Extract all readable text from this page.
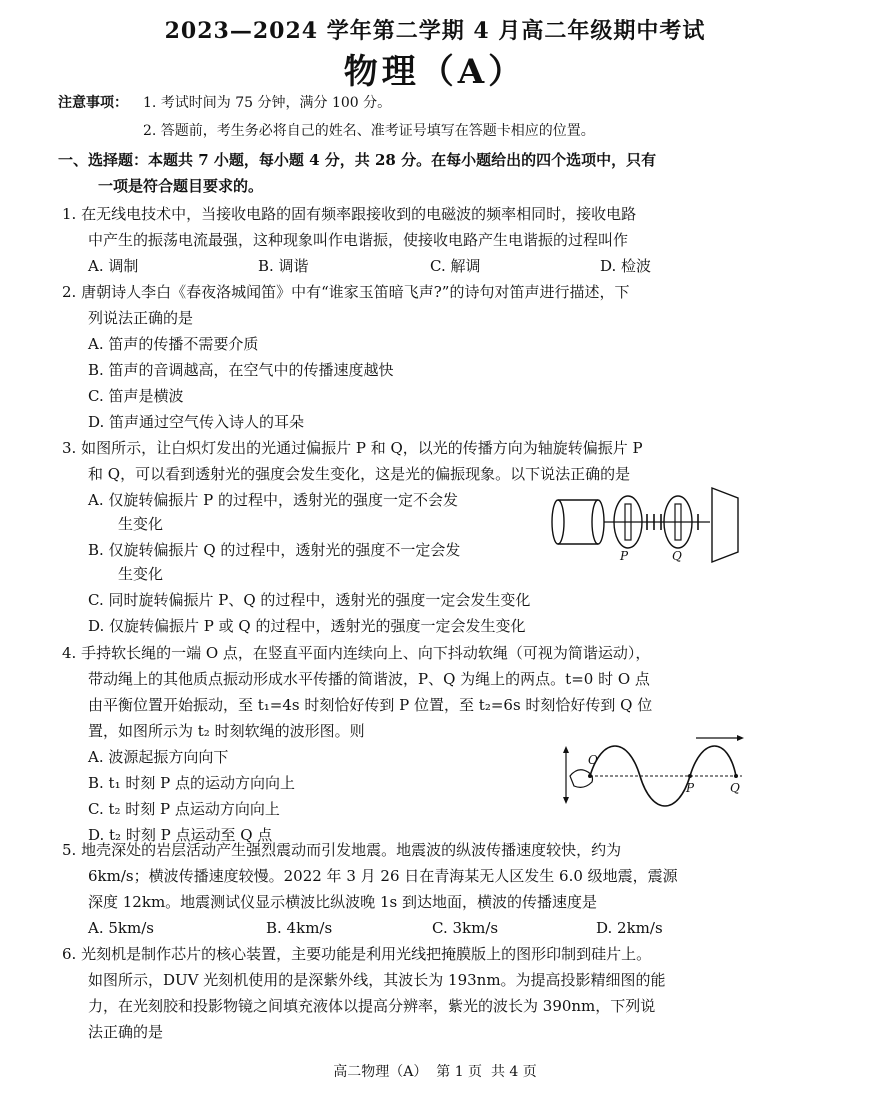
2023—2024 学年第二学期 4 月高二年级期中考试
物理（A）
注意事项： 1. 考试时间为 75 分钟，满分 100 分。
2. 答题前，考生务必将自己的姓名、准考证号填写在答题卡相应的位置。
一、选择题：本题共 7 小题，每小题 4 分，共 28 分。在每小题给出的四个选项中，只有
一项是符合题目要求的。
1. 在无线电技术中，当接收电路的固有频率跟接收到的电磁波的频率相同时，接收电路
中产生的振荡电流最强，这种现象叫作电谐振，使接收电路产生电谐振的过程叫作
A. 调制	B. 调谐	C. 解调	D. 检波
2. 唐朝诗人李白《春夜洛城闻笛》中有“谁家玉笛暗飞声?”的诗句对笛声进行描述，下
列说法正确的是
A. 笛声的传播不需要介质
B. 笛声的音调越高，在空气中的传播速度越快
C. 笛声是横波
D. 笛声通过空气传入诗人的耳朵
3. 如图所示，让白炽灯发出的光通过偏振片 P 和 Q，以光的传播方向为轴旋转偏振片 P
和 Q，可以看到透射光的强度会发生变化，这是光的偏振现象。以下说法正确的是
A. 仅旋转偏振片 P 的过程中，透射光的强度一定不会发
生变化
B. 仅旋转偏振片 Q 的过程中，透射光的强度不一定会发
生变化
C. 同时旋转偏振片 P、Q 的过程中，透射光的强度一定会发生变化
D. 仅旋转偏振片 P 或 Q 的过程中，透射光的强度一定会发生变化
P	Q
4. 手持软长绳的一端 O 点，在竖直平面内连续向上、向下抖动软绳（可视为简谐运动），
带动绳上的其他质点振动形成水平传播的简谐波，P、Q 为绳上的两点。t=0 时 O 点
由平衡位置开始振动，至 t₁=4s 时刻恰好传到 P 位置，至 t₂=6s 时刻恰好传到 Q 位
置，如图所示为 t₂ 时刻软绳的波形图。则
A. 波源起振方向向下
B. t₁ 时刻 P 点的运动方向向上
C. t₂ 时刻 P 点运动方向向上
D. t₂ 时刻 P 点运动至 Q 点
O
P	Q
5. 地壳深处的岩层活动产生强烈震动而引发地震。地震波的纵波传播速度较快，约为
6km/s；横波传播速度较慢。2022 年 3 月 26 日在青海某无人区发生 6.0 级地震，震源
深度 12km。地震测试仪显示横波比纵波晚 1s 到达地面，横波的传播速度是
A. 5km/s	B. 4km/s	C. 3km/s	D. 2km/s
6. 光刻机是制作芯片的核心装置，主要功能是利用光线把掩膜版上的图形印制到硅片上。
如图所示，DUV 光刻机使用的是深紫外线，其波长为 193nm。为提高投影精细图的能
力，在光刻胶和投影物镜之间填充液体以提高分辨率，紫光的波长为 390nm，下列说
法正确的是
高二物理（A）  第 1 页  共 4 页
